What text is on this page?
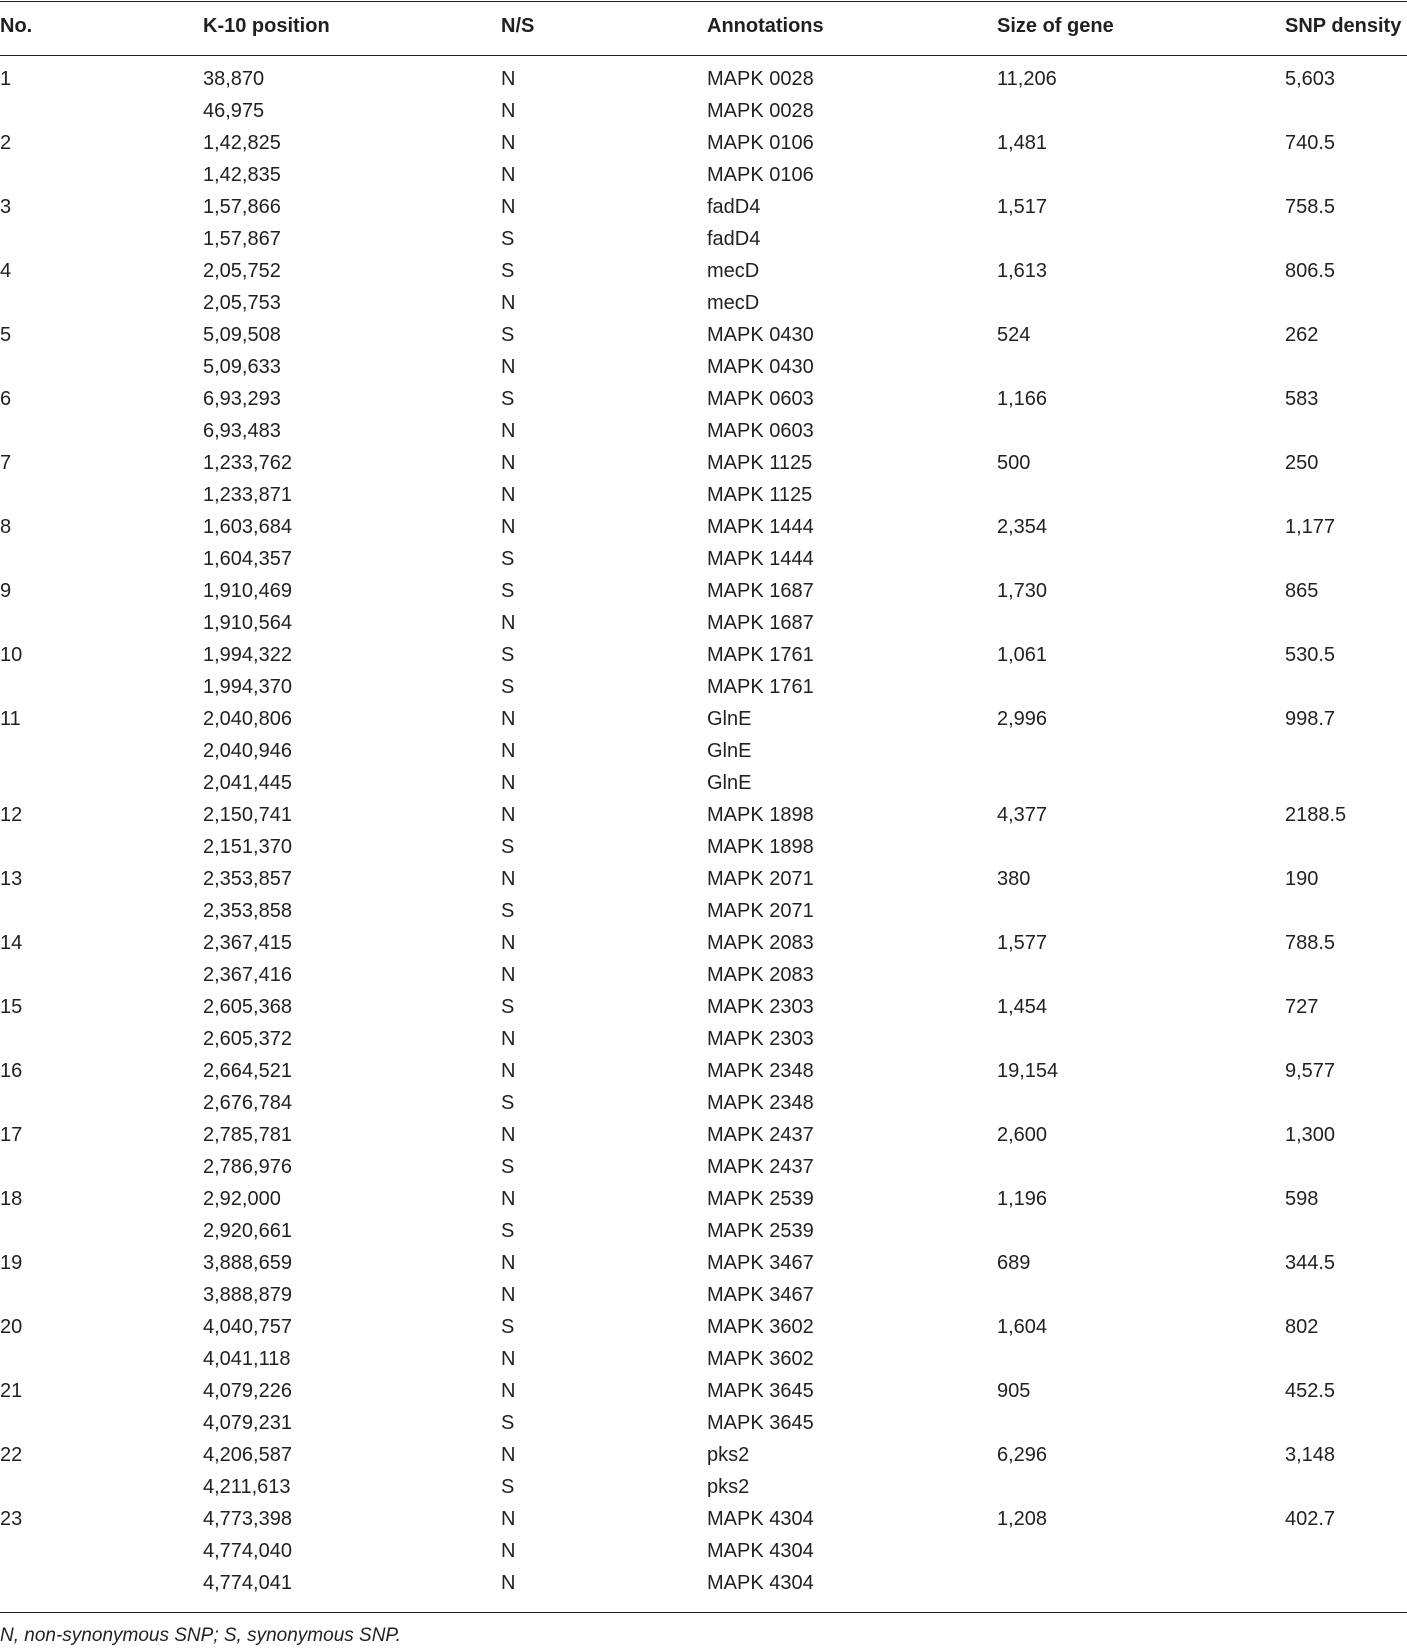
No.	K-10 position	N/S	Annotations	Size of gene	SNP density
1	38,870	N	MAPK 0028	11,206	5,603
46,975	N	MAPK 0028
2	1,42,825	N	MAPK 0106	1,481	740.5
1,42,835	N	MAPK 0106
3	1,57,866	N	fadD4	1,517	758.5
1,57,867	S	fadD4
4	2,05,752	S	mecD	1,613	806.5
2,05,753	N	mecD
5	5,09,508	S	MAPK 0430	524	262
5,09,633	N	MAPK 0430
6	6,93,293	S	MAPK 0603	1,166	583
6,93,483	N	MAPK 0603
7	1,233,762	N	MAPK 1125	500	250
1,233,871	N	MAPK 1125
8	1,603,684	N	MAPK 1444	2,354	1,177
1,604,357	S	MAPK 1444
9	1,910,469	S	MAPK 1687	1,730	865
1,910,564	N	MAPK 1687
10	1,994,322	S	MAPK 1761	1,061	530.5
1,994,370	S	MAPK 1761
11	2,040,806	N	GlnE	2,996	998.7
2,040,946	N	GlnE
2,041,445	N	GlnE
12	2,150,741	N	MAPK 1898	4,377	2188.5
2,151,370	S	MAPK 1898
13	2,353,857	N	MAPK 2071	380	190
2,353,858	S	MAPK 2071
14	2,367,415	N	MAPK 2083	1,577	788.5
2,367,416	N	MAPK 2083
15	2,605,368	S	MAPK 2303	1,454	727
2,605,372	N	MAPK 2303
16	2,664,521	N	MAPK 2348	19,154	9,577
2,676,784	S	MAPK 2348
17	2,785,781	N	MAPK 2437	2,600	1,300
2,786,976	S	MAPK 2437
18	2,92,000	N	MAPK 2539	1,196	598
2,920,661	S	MAPK 2539
19	3,888,659	N	MAPK 3467	689	344.5
3,888,879	N	MAPK 3467
20	4,040,757	S	MAPK 3602	1,604	802
4,041,118	N	MAPK 3602
21	4,079,226	N	MAPK 3645	905	452.5
4,079,231	S	MAPK 3645
22	4,206,587	N	pks2	6,296	3,148
4,211,613	S	pks2
23	4,773,398	N	MAPK 4304	1,208	402.7
4,774,040	N	MAPK 4304
4,774,041	N	MAPK 4304
N, non-synonymous SNP; S, synonymous SNP.
